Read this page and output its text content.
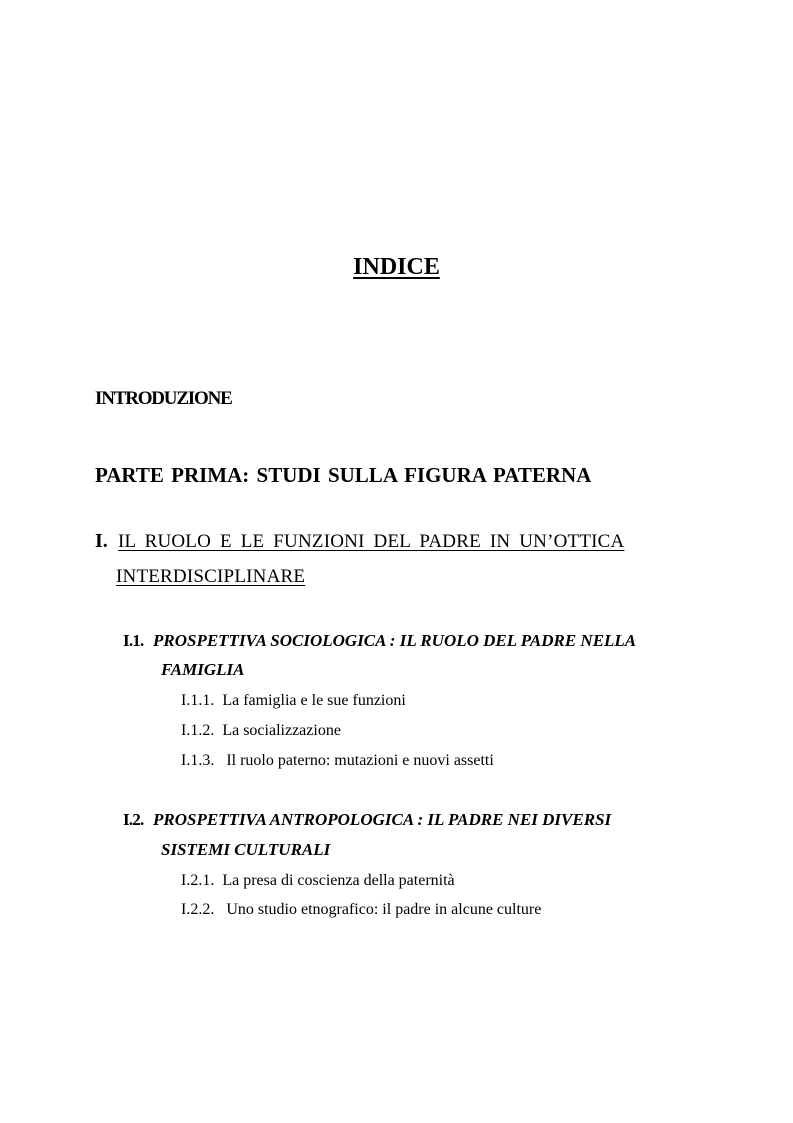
INDICE
INTRODUZIONE
PARTE PRIMA: STUDI SULLA FIGURA PATERNA
I. IL RUOLO E LE FUNZIONI DEL PADRE IN UN’OTTICA
INTERDISCIPLINARE
I.1. PROSPETTIVA SOCIOLOGICA : IL RUOLO DEL PADRE NELLA
FAMIGLIA
I.1.1. La famiglia e le sue funzioni
I.1.2. La socializzazione
I.1.3. Il ruolo paterno: mutazioni e nuovi assetti
I.2. PROSPETTIVA ANTROPOLOGICA : IL PADRE NEI DIVERSI
SISTEMI CULTURALI
I.2.1. La presa di coscienza della paternità
I.2.2. Uno studio etnografico: il padre in alcune culture
